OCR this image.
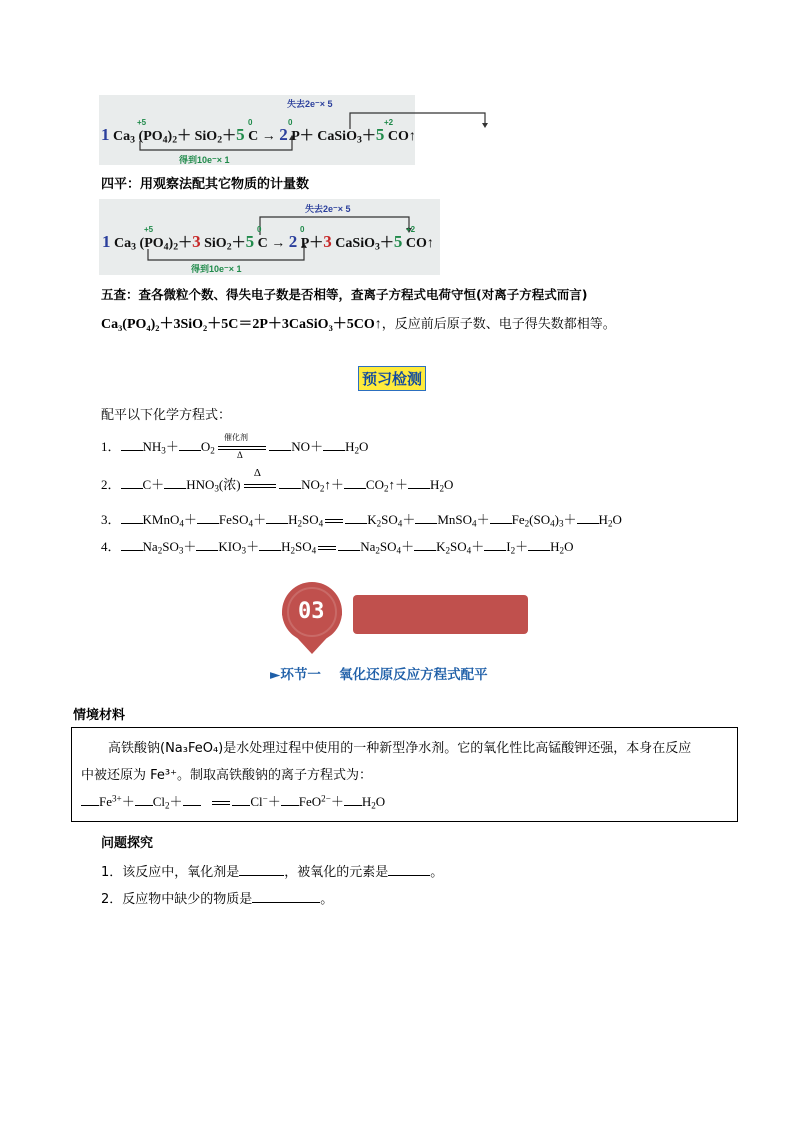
失去2e⁻× 5
得到10e⁻× 1
+5	0	0	+2
1 $Ca_3$ $(PO_4)_2+ SiO_2+5$ C → 2 P＋ CaSiO$_3$＋5 CO↑
四平：用观察法配其它物质的计量数
失去2e⁻× 5
得到10e⁻× 1
+5	0	0	+2
1 $Ca_3$ $(PO_4)_2+3$ SiO$_2$＋5 C → 2 P＋3 CaSiO$_3$＋5 CO↑
五查：查各微粒个数、得失电子数是否相等，查离子方程式电荷守恒(对离子方程式而言)
Ca₃(PO₄)₂＋3SiO₂＋5C＝2P＋3CaSiO₃＋5CO↑，反应前后原子数、电子得失数都相等。
预习检测
配平以下化学方程式：
1． $NH_3+ O_2$
催化剂
Δ
$NO+ H_2O$
2． $C+ HNO_3$(浓)
Δ
$NO_2↑+$ $CO_2↑+ H_2O$
3． KMnO$_4$＋ FeSO$_4$＋ $H_2SO_4$	$K_2SO_4+$ MnSO$_4$＋ $Fe_2(SO_4)_3+ H_2O$
4． $Na_2SO_3+ KIO_3+ H_2SO_4$	$Na_2SO_4+ K_2SO_4+ I_2+ H_2O$
03
►环节一　 氧化还原反应方程式配平
情境材料
高铁酸钠(Na₃FeO₄)是水处理过程中使用的一种新型净水剂。它的氧化性比高锰酸钾还强，本身在反应
中被还原为 Fe³⁺。制取高铁酸钠的离子方程式为：
$Fe^{3+}+ Cl_2+$	$Cl^-+ FeO^{2-}+ H_2O$
问题探究
1．该反应中，氧化剂是	，被氧化的元素是	。
2．反应物中缺少的物质是	。
